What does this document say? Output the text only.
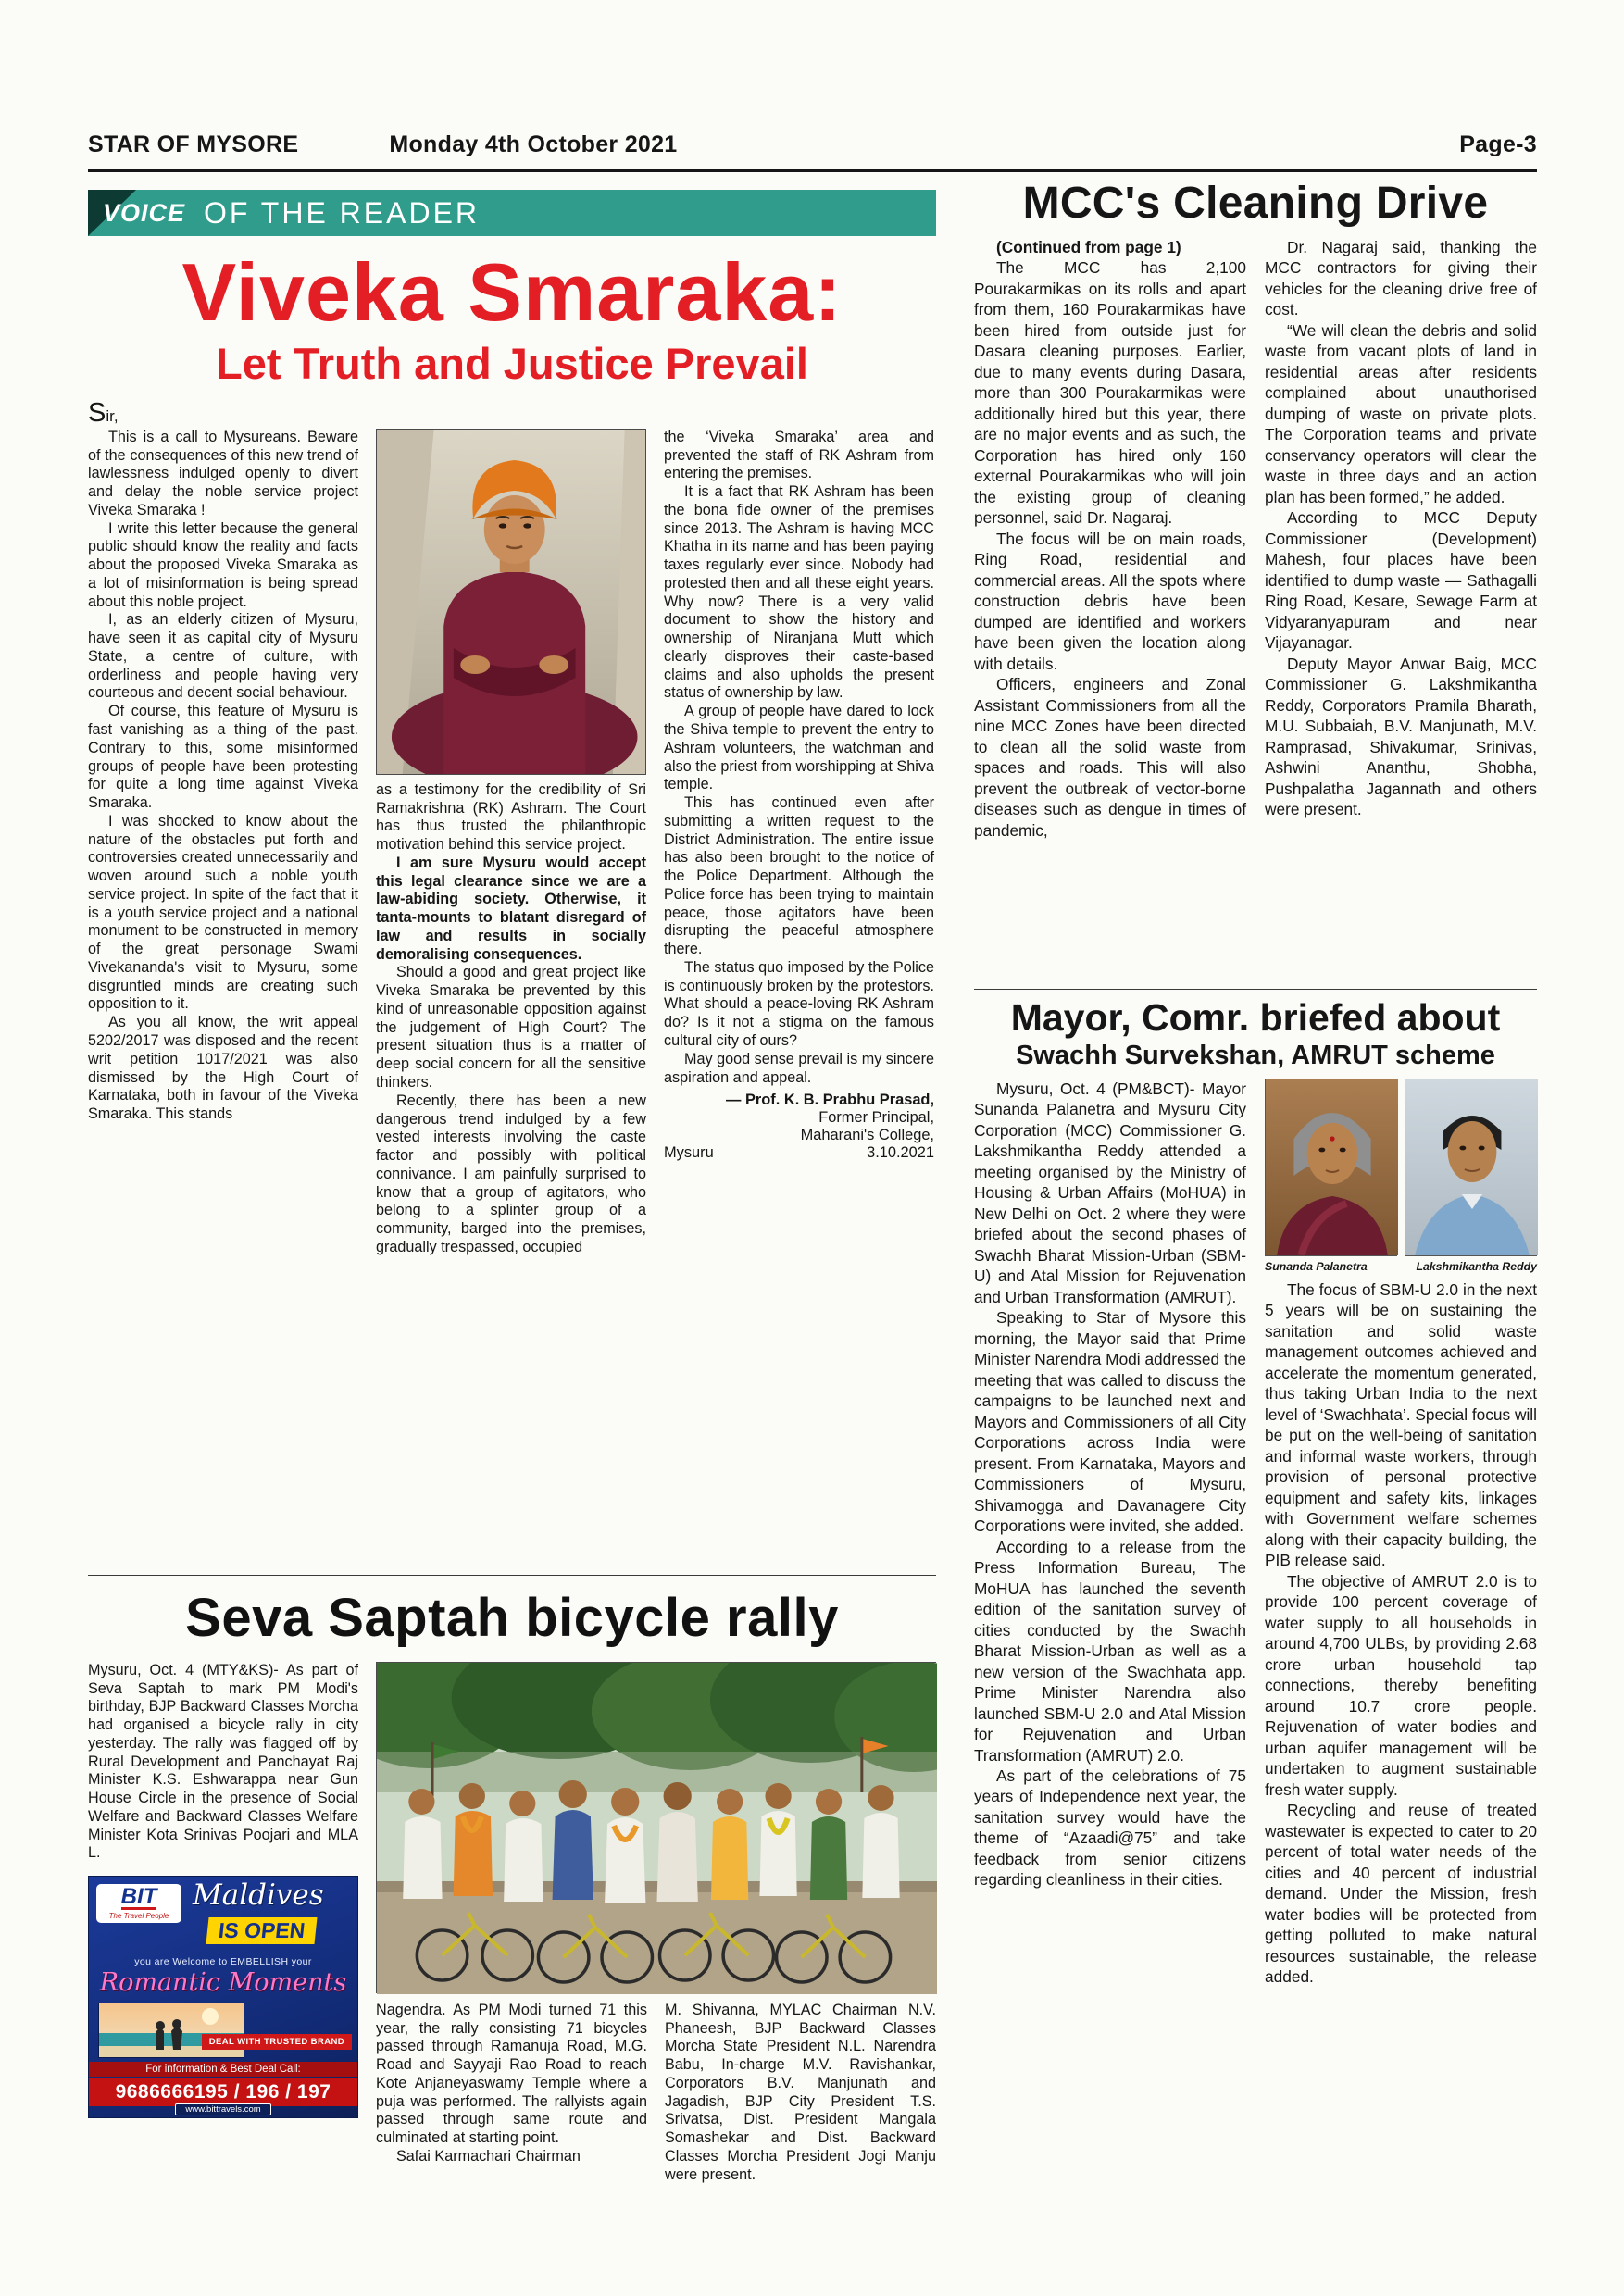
STAR OF MYSORE	Monday 4th October 2021	Page-3
VOICE OF THE READER
Viveka Smaraka:
Let Truth and Justice Prevail
Sir,

This is a call to Mysureans. Beware of the consequences of this new trend of lawlessness indulged openly to divert and delay the noble service project Viveka Smaraka !

I write this letter because the general public should know the reality and facts about the proposed Viveka Smaraka as a lot of misinformation is being spread about this noble project.

I, as an elderly citizen of Mysuru, have seen it as capital city of Mysuru State, a centre of culture, with orderliness and people having very courteous and decent social behaviour.

Of course, this feature of Mysuru is fast vanishing as a thing of the past. Contrary to this, some misinformed groups of people have been protesting for quite a long time against Viveka Smaraka.

I was shocked to know about the nature of the obstacles put forth and controversies created unnecessarily and woven around such a noble youth service project. In spite of the fact that it is a youth service project and a national monument to be constructed in memory of the great personage Swami Vivekananda's visit to Mysuru, some disgruntled minds are creating such opposition to it.

As you all know, the writ appeal 5202/2017 was disposed and the recent writ petition 1017/2021 was also dismissed by the High Court of Karnataka, both in favour of the Viveka Smaraka. This stands

as a testimony for the credibility of Sri Ramakrishna (RK) Ashram. The Court has thus trusted the philanthropic motivation behind this service project.

I am sure Mysuru would accept this legal clearance since we are a law-abiding society. Otherwise, it tanta-mounts to blatant disregard of law and results in socially demoralising consequences.

Should a good and great project like Viveka Smaraka be prevented by this kind of unreasonable opposition against the judgement of High Court? The present situation thus is a matter of deep social concern for all the sensitive thinkers.

Recently, there has been a new dangerous trend indulged by a few vested interests involving the caste factor and possibly with political connivance. I am painfully surprised to know that a group of agitators, who belong to a splinter group of a community, barged into the premises, gradually trespassed, occupied

the ‘Viveka Smaraka’ area and prevented the staff of RK Ashram from entering the premises.

It is a fact that RK Ashram has been the bona fide owner of the premises since 2013. The Ashram is having MCC Khatha in its name and has been paying taxes regularly ever since. Nobody had protested then and all these eight years. Why now? There is a very valid document to show the history and ownership of Niranjana Mutt which clearly disproves their caste-based claims and also upholds the present status of ownership by law.

A group of people have dared to lock the Shiva temple to prevent the entry to Ashram volunteers, the watchman and also the priest from worshipping at Shiva temple.

This has continued even after submitting a written request to the District Administration. The entire issue has also been brought to the notice of the Police Department. Although the Police force has been trying to maintain peace, those agitators have been disrupting the peaceful atmosphere there.

The status quo imposed by the Police is continuously broken by the protestors. What should a peace-loving RK Ashram do? Is it not a stigma on the famous cultural city of ours?

May good sense prevail is my sincere aspiration and appeal.

— Prof. K. B. Prabhu Prasad,
Former Principal,
Maharani's College,
Mysuru	3.10.2021
Seva Saptah bicycle rally

Mysuru, Oct. 4 (MTY&KS)- As part of Seva Saptah to mark PM Modi's birthday, BJP Backward Classes Morcha had organised a bicycle rally in city yesterday. The rally was flagged off by Rural Development and Panchayat Raj Minister K.S. Eshwarappa near Gun House Circle in the presence of Social Welfare and Backward Classes Welfare Minister Kota Srinivas Poojari and MLA L.

BIT
The Travel People
Maldives
IS OPEN
you are Welcome to EMBELLISH your
Romantic Moments
DEAL WITH TRUSTED BRAND
For information & Best Deal Call:
9686666195 / 196 / 197
www.bittravels.com

Nagendra. As PM Modi turned 71 this year, the rally consisting 71 bicycles passed through Ramanuja Road, M.G. Road and Sayyaji Rao Road to reach Kote Anjaneyaswamy Temple where a puja was performed. The rallyists again passed through same route and culminated at starting point.

Safai Karmachari Chairman

M. Shivanna, MYLAC Chairman N.V. Phaneesh, BJP Backward Classes Morcha State President N.L. Narendra Babu, In-charge M.V. Ravishankar, Corporators B.V. Manjunath and Jagadish, BJP City President T.S. Srivatsa, Dist. President Mangala Somashekar and Dist. Backward Classes Morcha President Jogi Manju were present.

MCC's Cleaning Drive

(Continued from page 1)

The MCC has 2,100 Pourakarmikas on its rolls and apart from them, 160 Pourakarmikas have been hired from outside just for Dasara cleaning purposes. Earlier, due to many events during Dasara, more than 300 Pourakarmikas were additionally hired but this year, there are no major events and as such, the Corporation has hired only 160 external Pourakarmikas who will join the existing group of cleaning personnel, said Dr. Nagaraj.

The focus will be on main roads, Ring Road, residential and commercial areas. All the spots where construction debris have been dumped are identified and workers have been given the location along with details.

Officers, engineers and Zonal Assistant Commissioners from all the nine MCC Zones have been directed to clean all the solid waste from spaces and roads. This will also prevent the outbreak of vector-borne diseases such as dengue in times of pandemic,

Dr. Nagaraj said, thanking the MCC contractors for giving their vehicles for the cleaning drive free of cost.

“We will clean the debris and solid waste from vacant plots of land in residential areas after residents complained about unauthorised dumping of waste on private plots. The Corporation teams and private conservancy operators will clear the waste in three days and an action plan has been formed,” he added.

According to MCC Deputy Commissioner (Development) Mahesh, four places have been identified to dump waste — Sathagalli Ring Road, Kesare, Sewage Farm at Vidyaranyapuram and near Vijayanagar.

Deputy Mayor Anwar Baig, MCC Commissioner G. Lakshmikantha Reddy, Corporators Pramila Bharath, M.U. Subbaiah, B.V. Manjunath, M.V. Ramprasad, Shivakumar, Srinivas, Ashwini Ananthu, Shobha, Pushpalatha Jagannath and others were present.

Mayor, Comr. briefed about
Swachh Survekshan, AMRUT scheme

Mysuru, Oct. 4 (PM&BCT)- Mayor Sunanda Palanetra and Mysuru City Corporation (MCC) Commissioner G. Lakshmikantha Reddy attended a meeting organised by the Ministry of Housing & Urban Affairs (MoHUA) in New Delhi on Oct. 2 where they were briefed about the second phases of Swachh Bharat Mission-Urban (SBM-U) and Atal Mission for Rejuvenation and Urban Transformation (AMRUT).

Speaking to Star of Mysore this morning, the Mayor said that Prime Minister Narendra Modi addressed the meeting that was called to discuss the campaigns to be launched next and Mayors and Commissioners of all City Corporations across India were present. From Karnataka, Mayors and Commissioners of Mysuru, Shivamogga and Davanagere City Corporations were invited, she added.

According to a release from the Press Information Bureau, The MoHUA has launched the seventh edition of the sanitation survey of cities conducted by the Swachh Bharat Mission-Urban as well as a new version of the Swachhata app. Prime Minister Narendra also launched SBM-U 2.0 and Atal Mission for Rejuvenation and Urban Transformation (AMRUT) 2.0.

As part of the celebrations of 75 years of Independence next year, the sanitation survey would have the theme of “Azaadi@75” and take feedback from senior citizens regarding cleanliness in their cities.

Sunanda Palanetra	Lakshmikantha Reddy

The focus of SBM-U 2.0 in the next 5 years will be on sustaining the sanitation and solid waste management outcomes achieved and accelerate the momentum generated, thus taking Urban India to the next level of ‘Swachhata’. Special focus will be put on the well-being of sanitation and informal waste workers, through provision of personal protective equipment and safety kits, linkages with Government welfare schemes along with their capacity building, the PIB release said.

The objective of AMRUT 2.0 is to provide 100 percent coverage of water supply to all households in around 4,700 ULBs, by providing 2.68 crore urban household tap connections, thereby benefiting around 10.7 crore people. Rejuvenation of water bodies and urban aquifer management will be undertaken to augment sustainable fresh water supply.

Recycling and reuse of treated wastewater is expected to cater to 20 percent of total water needs of the cities and 40 percent of industrial demand. Under the Mission, fresh water bodies will be protected from getting polluted to make natural resources sustainable, the release added.
